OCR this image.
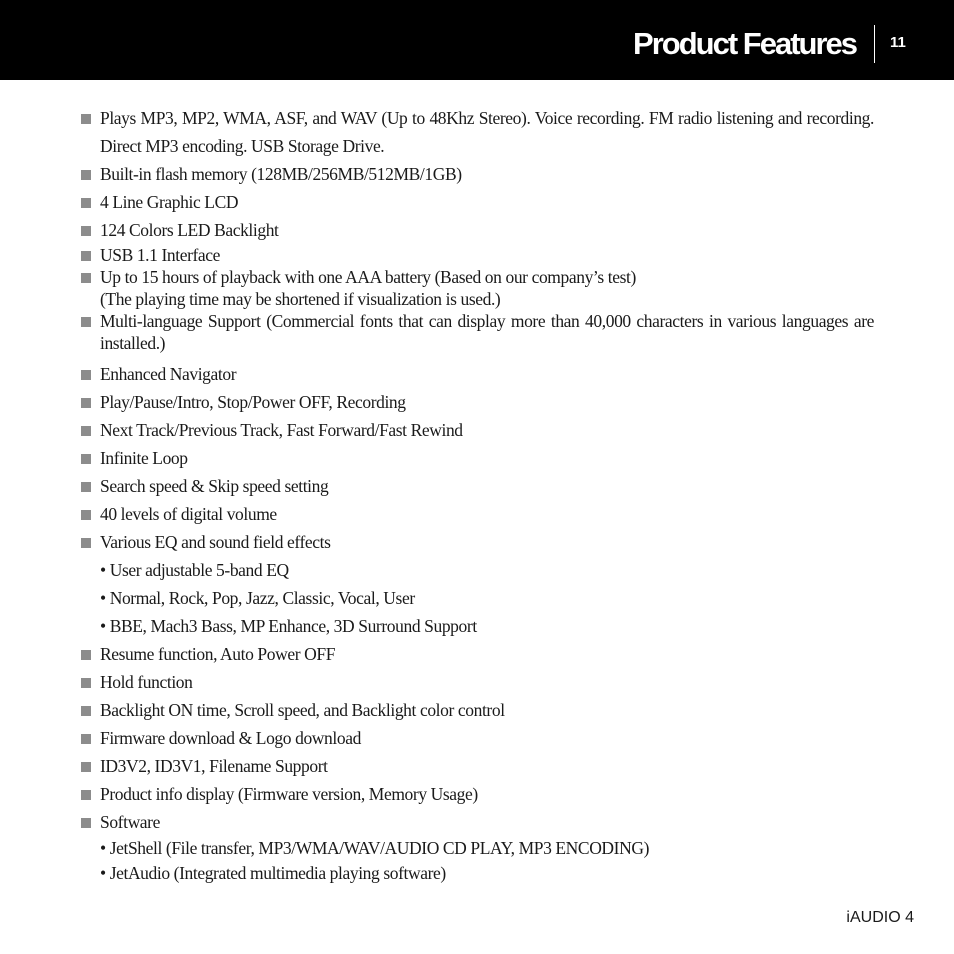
Product Features 11
Plays MP3, MP2, WMA, ASF, and WAV (Up to 48Khz Stereo). Voice recording. FM radio listening and recording. Direct MP3 encoding. USB Storage Drive.
Built-in flash memory (128MB/256MB/512MB/1GB)
4 Line Graphic LCD
124 Colors LED Backlight
USB 1.1 Interface
Up to 15 hours of playback with one AAA battery (Based on our company’s test)
(The playing time may be shortened if visualization is used.)
Multi-language Support (Commercial fonts that can display more than 40,000 characters in various languages are installed.)
Enhanced Navigator
Play/Pause/Intro, Stop/Power OFF, Recording
Next Track/Previous Track, Fast Forward/Fast Rewind
Infinite Loop
Search speed & Skip speed setting
40 levels of digital volume
Various EQ and sound field effects
• User adjustable 5-band EQ
• Normal, Rock, Pop, Jazz, Classic, Vocal, User
• BBE, Mach3 Bass, MP Enhance, 3D Surround Support
Resume function, Auto Power OFF
Hold function
Backlight ON time, Scroll speed, and Backlight color control
Firmware download & Logo download
ID3V2, ID3V1, Filename Support
Product info display (Firmware version, Memory Usage)
Software
• JetShell (File transfer, MP3/WMA/WAV/AUDIO CD PLAY, MP3 ENCODING)
• JetAudio (Integrated multimedia playing software)
iAUDIO 4
